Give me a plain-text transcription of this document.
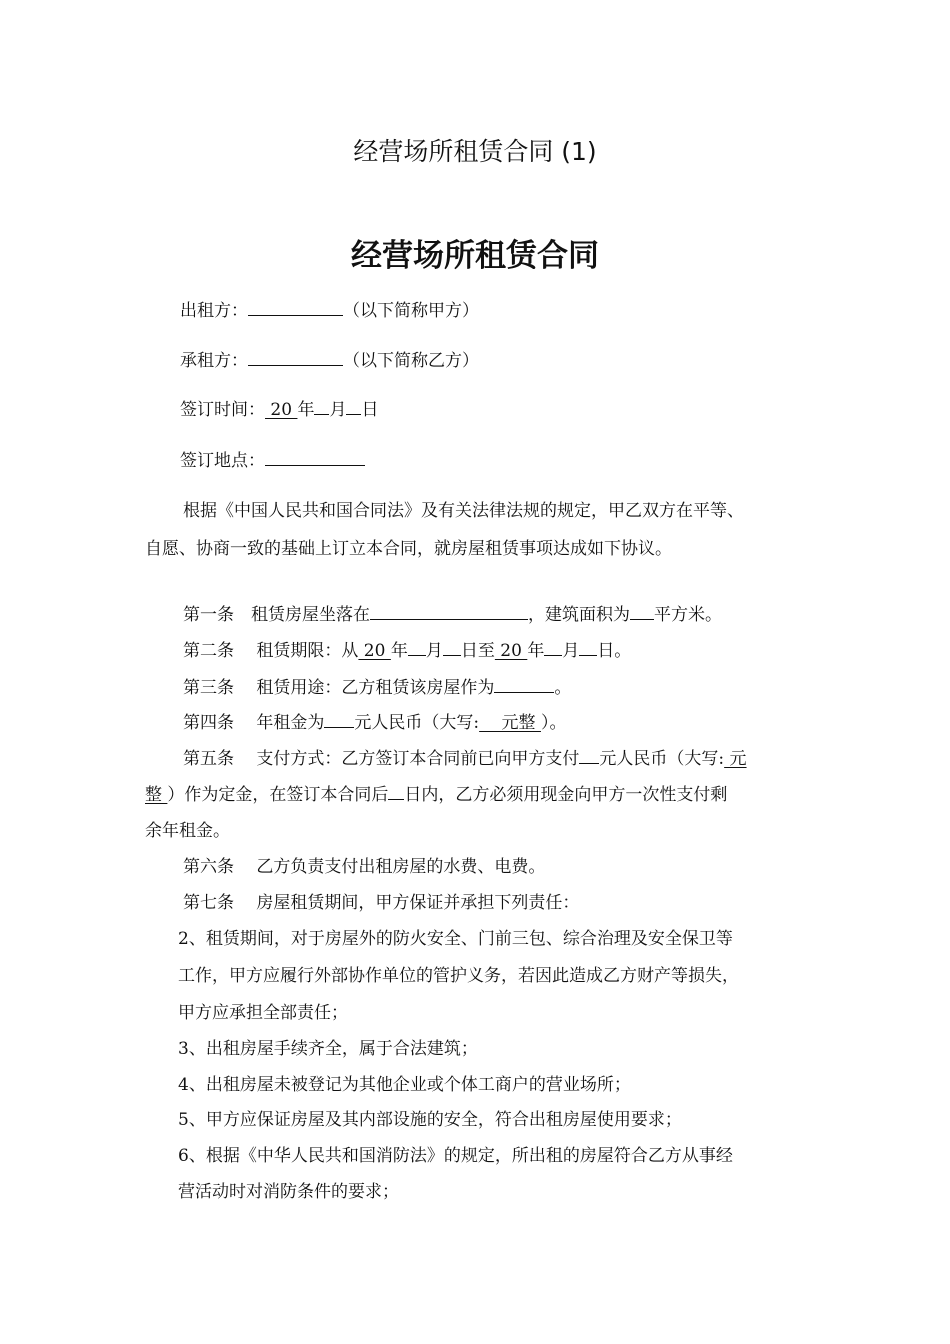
经营场所租赁合同 (1)
经营场所租赁合同
出租方：	（以下简称甲方）
承租方：	（以下简称乙方）
签订时间： 20 年 月 日
签订地点：
根据《中国人民共和国合同法》及有关法律法规的规定，甲乙双方在平等、
自愿、协商一致的基础上订立本合同，就房屋租赁事项达成如下协议。
第一条　租赁房屋坐落在	，建筑面积为 平方米。
第二条　 租赁期限：从 20 年 月 日至 20 年 月 日。
第三条　 租赁用途：乙方租赁该房屋作为	。
第四条　 年租金为 元人民币（大写:　 元整 ）。
第五条　 支付方式：乙方签订本合同前已向甲方支付 元人民币（大写: 元
整 ）作为定金，在签订本合同后 日内，乙方必须用现金向甲方一次性支付剩
余年租金。
第六条　 乙方负责支付出租房屋的水费、电费。
第七条　 房屋租赁期间，甲方保证并承担下列责任：
2、租赁期间，对于房屋外的防火安全、门前三包、综合治理及安全保卫等
工作，甲方应履行外部协作单位的管护义务，若因此造成乙方财产等损失，
甲方应承担全部责任；
3、出租房屋手续齐全，属于合法建筑；
4、出租房屋未被登记为其他企业或个体工商户的营业场所；
5、甲方应保证房屋及其内部设施的安全，符合出租房屋使用要求；
6、根据《中华人民共和国消防法》的规定，所出租的房屋符合乙方从事经
营活动时对消防条件的要求；
